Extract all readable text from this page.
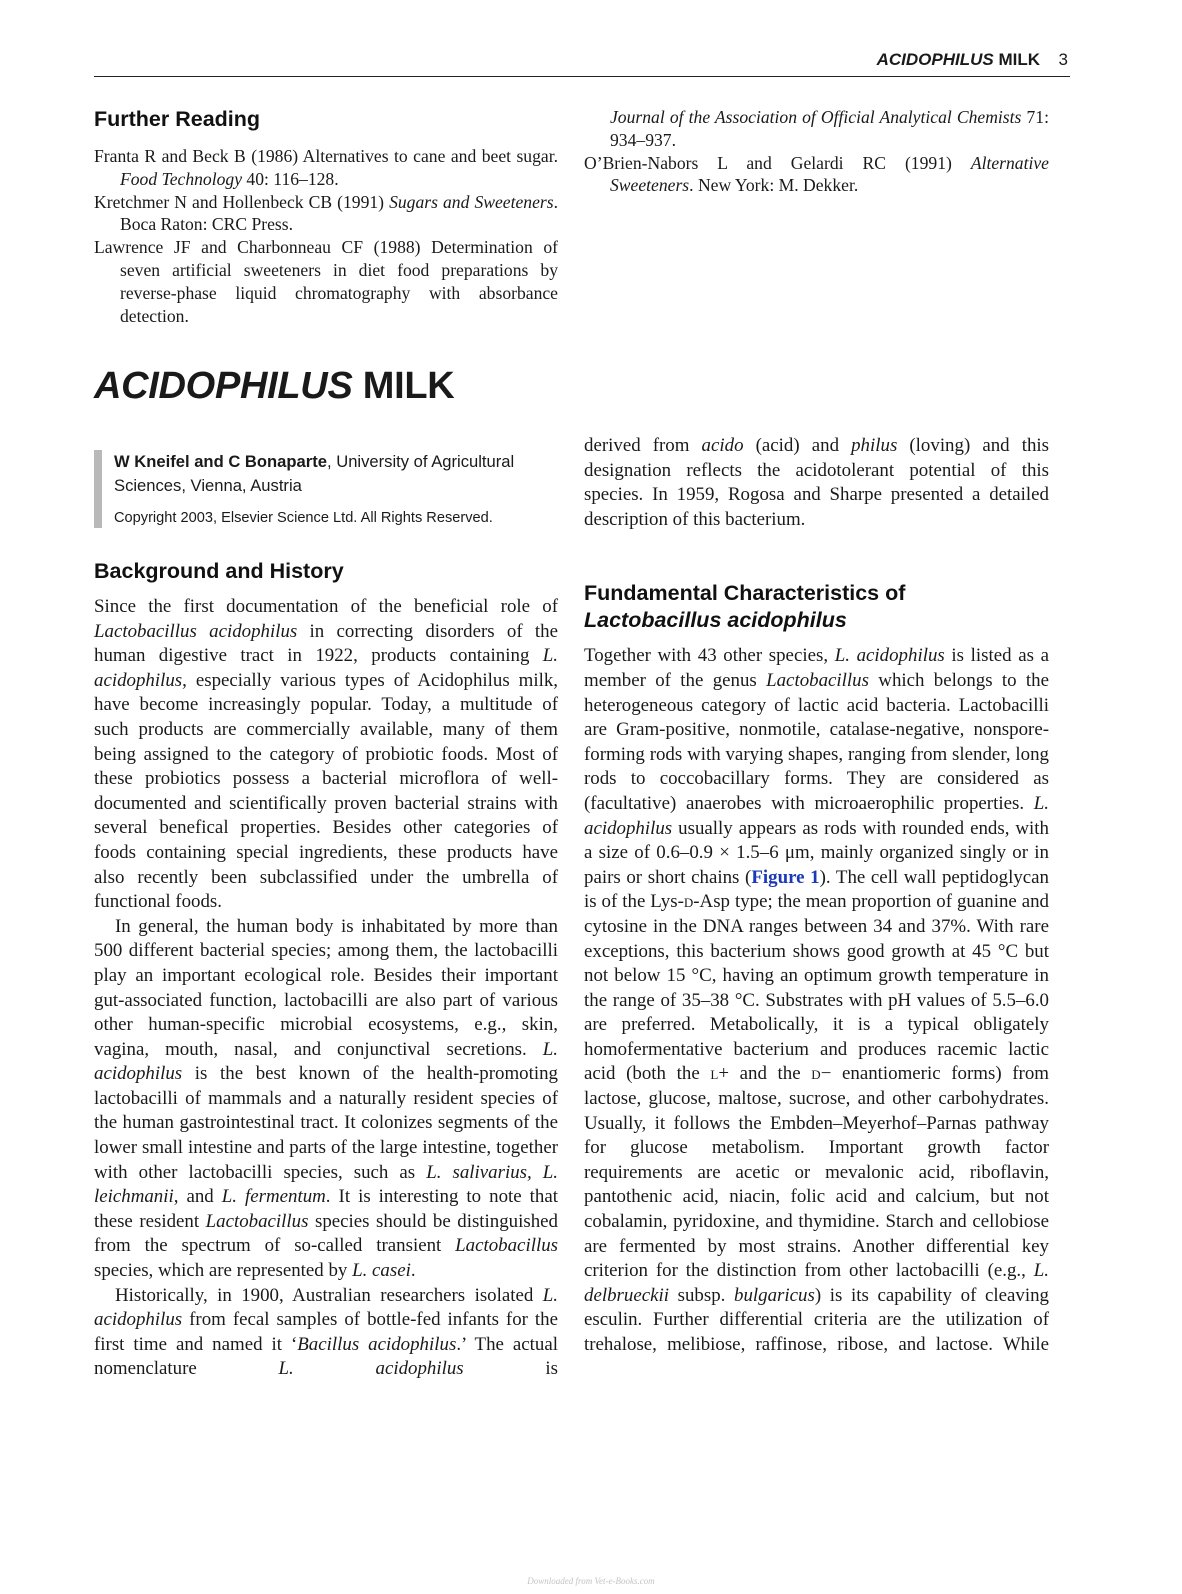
ACIDOPHILUS MILK 3
Further Reading

Franta R and Beck B (1986) Alternatives to cane and beet sugar. Food Technology 40: 116–128.

Kretchmer N and Hollenbeck CB (1991) Sugars and Sweeteners. Boca Raton: CRC Press.

Lawrence JF and Charbonneau CF (1988) Determination of seven artificial sweeteners in diet food preparations by reverse-phase liquid chromatography with absorbance detection.

Journal of the Association of Official Analytical Chemists 71: 934–937.

O’Brien-Nabors L and Gelardi RC (1991) Alternative Sweeteners. New York: M. Dekker.

ACIDOPHILUS MILK

W Kneifel and C Bonaparte, University of Agricultural Sciences, Vienna, Austria

Copyright 2003, Elsevier Science Ltd. All Rights Reserved.

Background and History

Since the first documentation of the beneficial role of Lactobacillus acidophilus in correcting disorders of the human digestive tract in 1922, products containing L. acidophilus, especially various types of Acidophilus milk, have become increasingly popular. Today, a multitude of such products are commercially available, many of them being assigned to the category of probiotic foods. Most of these probiotics possess a bacterial microflora of well-documented and scientifically proven bacterial strains with several benefical properties. Besides other categories of foods containing special ingredients, these products have also recently been subclassified under the umbrella of functional foods.

In general, the human body is inhabitated by more than 500 different bacterial species; among them, the lactobacilli play an important ecological role. Besides their important gut-associated function, lactobacilli are also part of various other human-specific microbial ecosystems, e.g., skin, vagina, mouth, nasal, and conjunctival secretions. L. acidophilus is the best known of the health-promoting lactobacilli of mammals and a naturally resident species of the human gastrointestinal tract. It colonizes segments of the lower small intestine and parts of the large intestine, together with other lactobacilli species, such as L. salivarius, L. leichmanii, and L. fermentum. It is interesting to note that these resident Lactobacillus species should be distinguished from the spectrum of so-called transient Lactobacillus species, which are represented by L. casei.

Historically, in 1900, Australian researchers isolated L. acidophilus from fecal samples of bottle-fed infants for the first time and named it ‘Bacillus acidophilus.’ The actual nomenclature L. acidophilus is

derived from acido (acid) and philus (loving) and this designation reflects the acidotolerant potential of this species. In 1959, Rogosa and Sharpe presented a detailed description of this bacterium.

Fundamental Characteristics of
Lactobacillus acidophilus

Together with 43 other species, L. acidophilus is listed as a member of the genus Lactobacillus which belongs to the heterogeneous category of lactic acid bacteria. Lactobacilli are Gram-positive, nonmotile, catalase-negative, nonspore-forming rods with varying shapes, ranging from slender, long rods to coccobacillary forms. They are considered as (facultative) anaerobes with microaerophilic properties. L. acidophilus usually appears as rods with rounded ends, with a size of 0.6–0.9 × 1.5–6 μm, mainly organized singly or in pairs or short chains (Figure 1). The cell wall peptidoglycan is of the Lys-d-Asp type; the mean proportion of guanine and cytosine in the DNA ranges between 34 and 37%. With rare exceptions, this bacterium shows good growth at 45 °C but not below 15 °C, having an optimum growth temperature in the range of 35–38 °C. Substrates with pH values of 5.5–6.0 are preferred. Metabolically, it is a typical obligately homofermentative bacterium and produces racemic lactic acid (both the l+ and the d− enantiomeric forms) from lactose, glucose, maltose, sucrose, and other carbohydrates. Usually, it follows the Embden–Meyerhof–Parnas pathway for glucose metabolism. Important growth factor requirements are acetic or mevalonic acid, riboflavin, pantothenic acid, niacin, folic acid and calcium, but not cobalamin, pyridoxine, and thymidine. Starch and cellobiose are fermented by most strains. Another differential key criterion for the distinction from other lactobacilli (e.g., L. delbrueckii subsp. bulgaricus) is its capability of cleaving esculin. Further differential criteria are the utilization of trehalose, melibiose, raffinose, ribose, and lactose. While

Downloaded from Vet-e-Books.com
